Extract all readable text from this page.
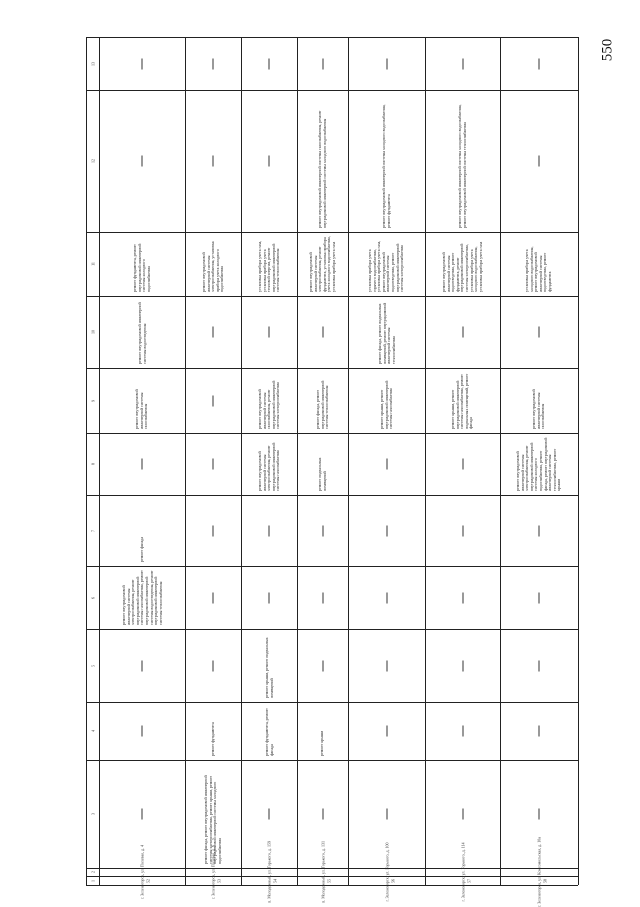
550
1
2
3
4
5
6
7
8
9
10
11
12
13
52
г. Зеленогорск, ул. Полевая, д. 4
ремонт внутридомовой инженерной системы электроснабжения, ремонт внутридомовой инженерной системы газоснабжения, ремонт внутридомовой инженерной системы водоотведения, ремонт внутридомовой инженерной системы теплоснабжения
ремонт фасада
ремонт внутридомовой инженерной системы газоснабжения
ремонт внутридомовой инженерной системы водоотведения
ремонт фундамента, ремонт внутридомовой инженерной системы холодного водоснабжения
53
г. Зеленогорск, ул. Полевая, д. 6
ремонт фасада, ремонт внутридомовой инженерной системы электроснабжения, ремонт крыши, ремонт внутридомовой инженерной системы холодного водоснабжения
ремонт фундамента
ремонт внутридомовой инженерной системы электроснабжения, установка прибора учета холодного водоснабжения
54
п. Молодежный, ул. Горького, д. 159
ремонт фундамента, ремонт фасада
ремонт крыши, ремонт подвальных помещений
ремонт внутридомовой инженерной системы электроснабжения, ремонт внутридомовой инженерной системы газоснабжения
ремонт внутридомовой инженерной системы газоснабжения, ремонт внутридомовой инженерной системы электроснабжения
установка прибора учета газа, установка прибора учета тепловой энергии, ремонт внутридомовой инженерной системы теплоснабжения
55
п. Молодежный, ул. Горького, д. 131
ремонт крыши
ремонт подвальных помещений
ремонт фасада, ремонт внутридомовой инженерной системы теплоснабжения
ремонт внутридомовой инженерной системы электроснабжения, ремонт фундамента, установка прибора учета холодного водоснабжения, установка прибора учета газа
ремонт внутридомовой инженерной системы газоснабжения, ремонт внутридомовой инженерной системы холодного водоснабжения
56
г. Зеленогорск, ул. Горького, д. 100
ремонт крыши, ремонт внутридомовой инженерной системы газоснабжения
ремонт фасада, ремонт подвальных помещений, ремонт внутридомовой инженерной системы теплоснабжения
установка прибора учета горячего водоснабжения, установка прибора учета газа, ремонт внутридомовой инженерной системы водоотведения, ремонт внутридомовой инженерной системы электроснабжения
ремонт внутридомовой инженерной системы холодного водоснабжения, ремонт фундамента
57
г. Зеленогорск, ул. Горького, д. 114
ремонт крыши, ремонт внутридомовой инженерной системы газоснабжения, ремонт подвальных помещений, ремонт фасада
ремонт внутридомовой инженерной системы водоотведения, ремонт фундамента, ремонт внутридомовой инженерной системы электроснабжения, установка прибора учета холодного водоснабжения, установка прибора учета газа
ремонт внутридомовой инженерной системы холодного водоснабжения, ремонт внутридомовой инженерной системы теплоснабжения
58
г. Зеленогорск, ул. Комсомольская, д. 10а
ремонт внутридомовой инженерной системы электроснабжения, ремонт внутридомовой инженерной системы холодного водоснабжения, ремонт фасада, ремонт внутридомовой инженерной системы теплоснабжения, ремонт крыши
ремонт внутридомовой инженерной системы газоснабжения
установка прибора учета холодного водоснабжения, ремонт внутридомовой инженерной системы водоотведения, ремонт фундамента
